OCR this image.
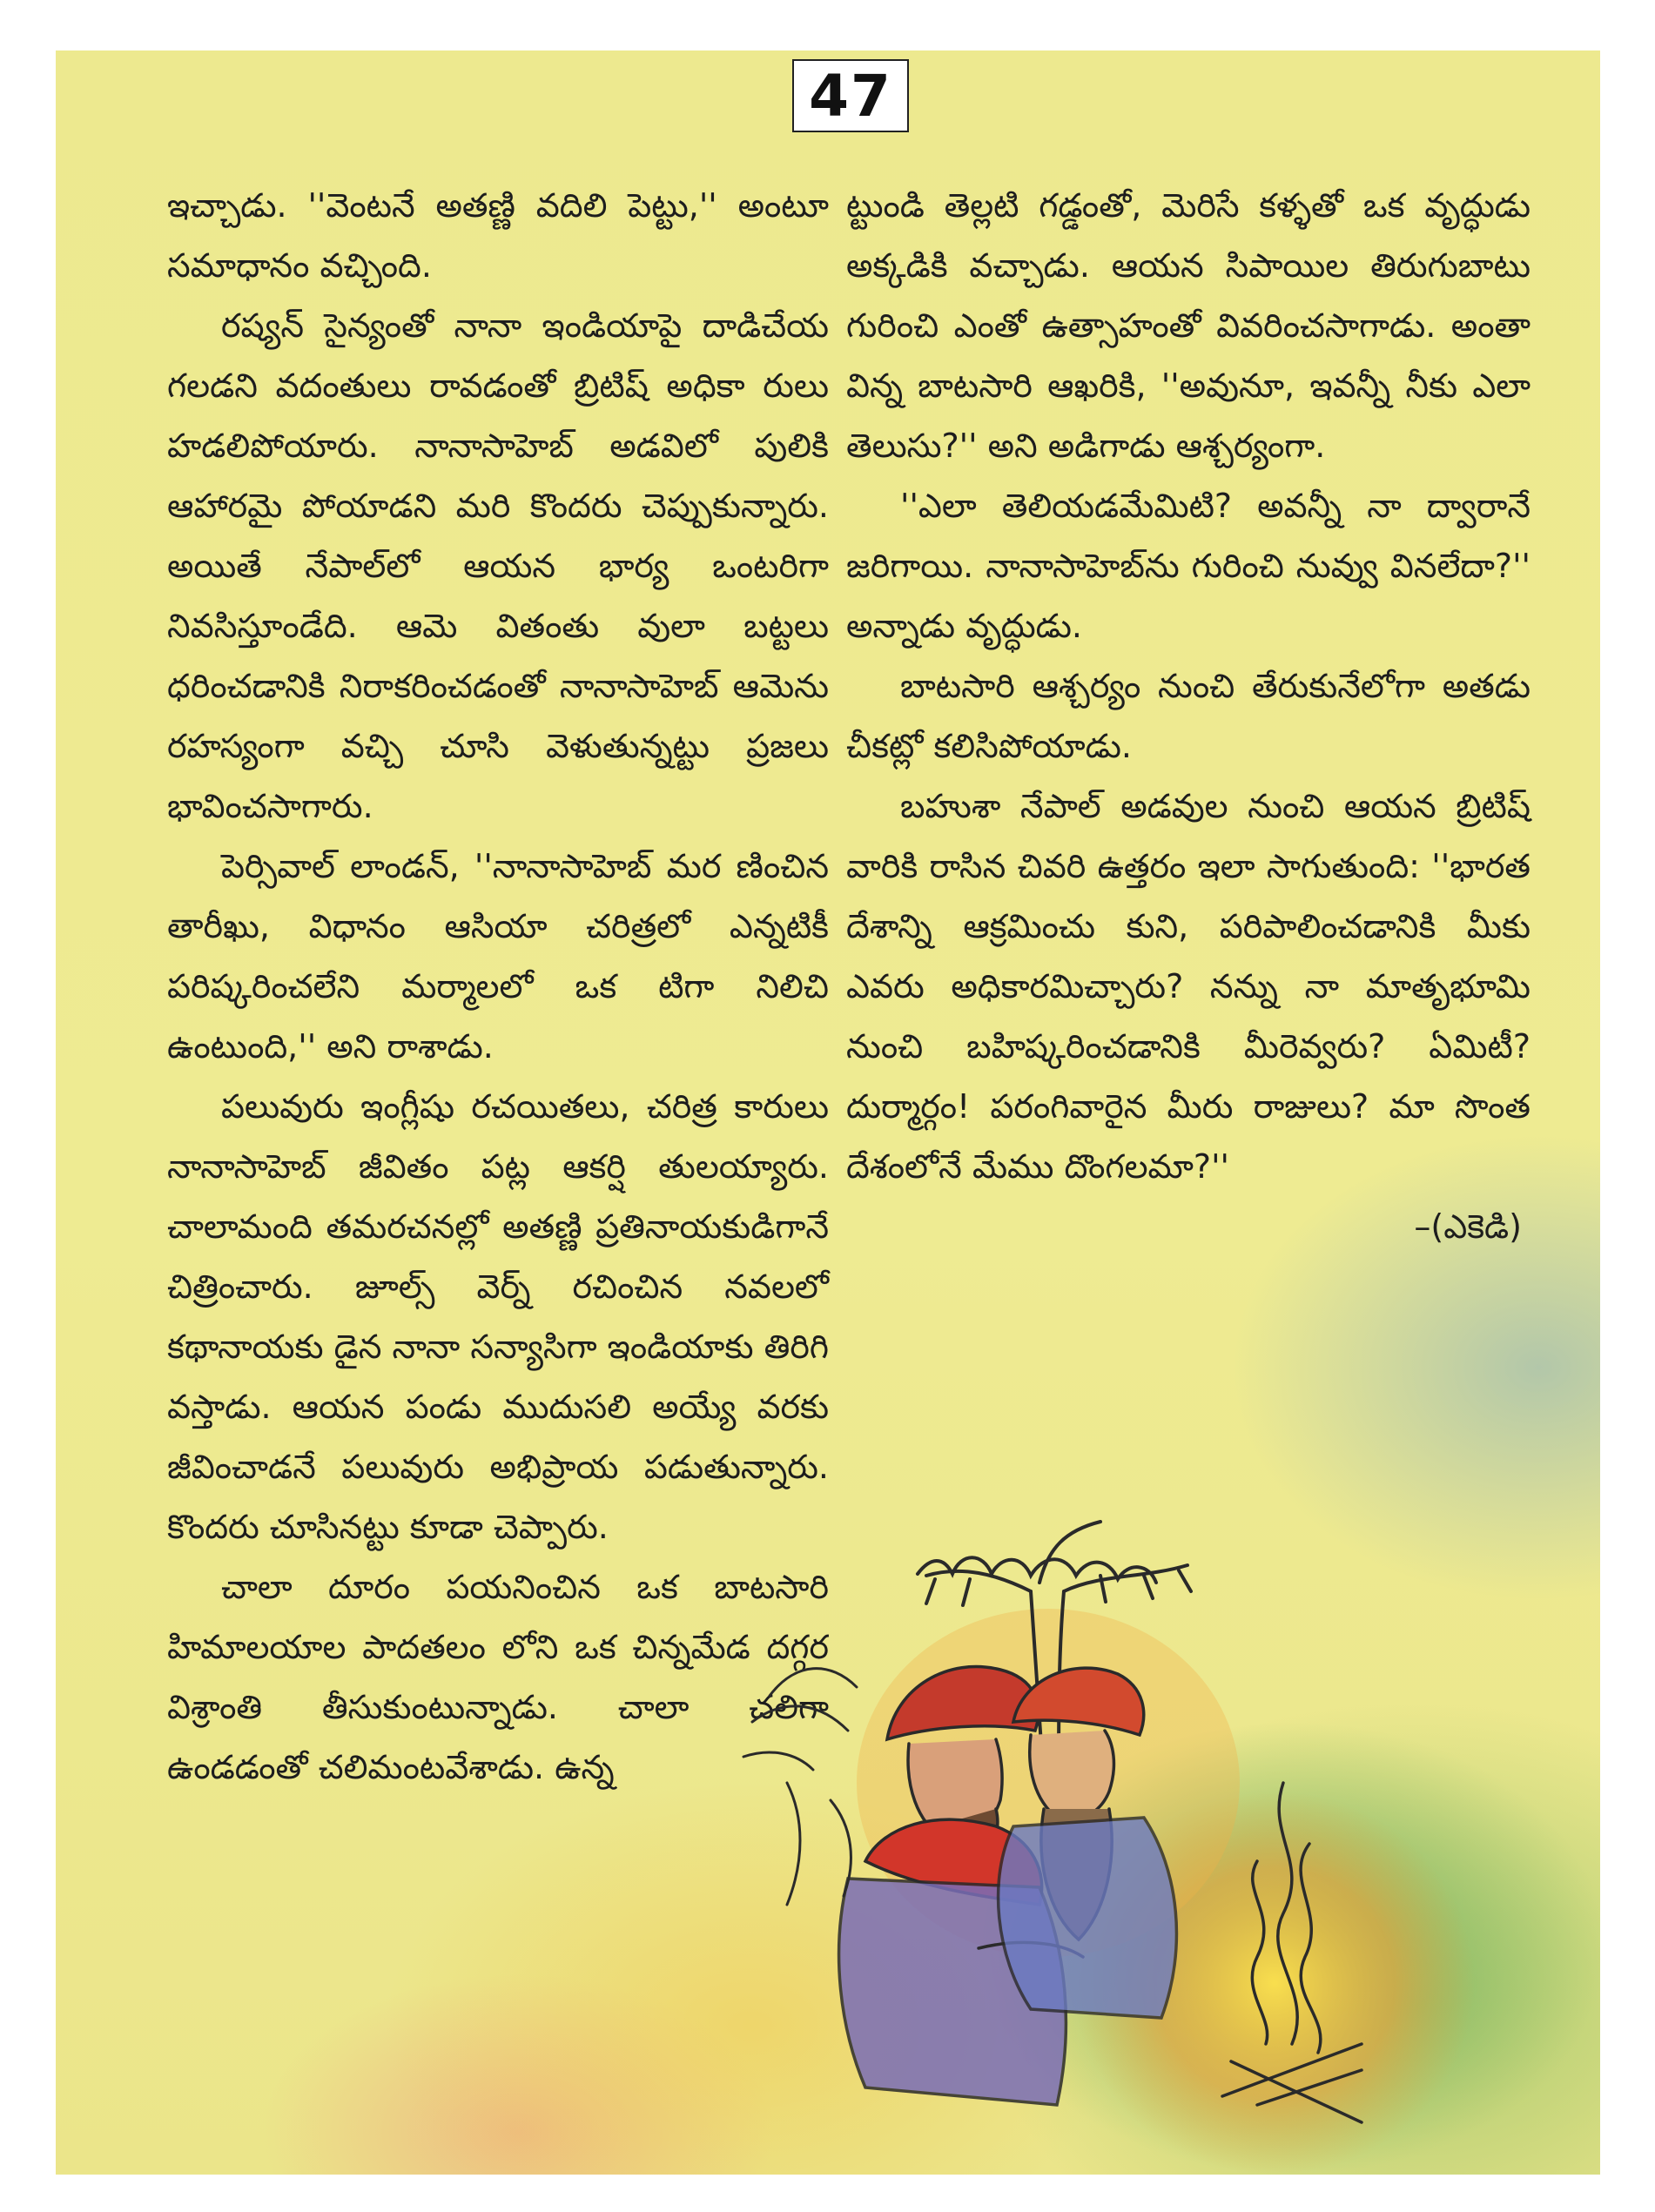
47

ఇచ్చాడు. ''వెంటనే అతణ్ణి వదిలి పెట్టు,'' అంటూ సమాధానం వచ్చింది.

రష్యన్ సైన్యంతో నానా ఇండియాపై దాడిచేయ గలడని వదంతులు రావడంతో బ్రిటిష్ అధికా రులు హడలిపోయారు. నానాసాహెబ్ అడవిలో పులికి ఆహారమై పోయాడని మరి కొందరు చెప్పుకున్నారు. అయితే నేపాల్‌లో ఆయన భార్య ఒంటరిగా నివసిస్తూండేది. ఆమె వితంతు వులా బట్టలు ధరించడానికి నిరాకరించడంతో నానాసాహెబ్ ఆమెను రహస్యంగా వచ్చి చూసి వెళుతున్నట్టు ప్రజలు భావించసాగారు.

పెర్సివాల్ లాండన్, ''నానాసాహెబ్ మర ణించిన తారీఖు, విధానం ఆసియా చరిత్రలో ఎన్నటికీ పరిష్కరించలేని మర్మాలలో ఒక టిగా నిలిచి ఉంటుంది,'' అని రాశాడు.

పలువురు ఇంగ్లీషు రచయితలు, చరిత్ర కారులు నానాసాహెబ్ జీవితం పట్ల ఆకర్షి తులయ్యారు. చాలామంది తమరచనల్లో అతణ్ణి ప్రతినాయకుడిగానే చిత్రించారు. జూల్స్ వెర్న్ రచించిన నవలలో కథానాయకు డైన నానా సన్యాసిగా ఇండియాకు తిరిగి వస్తాడు. ఆయన పండు ముదుసలి అయ్యే వరకు జీవించాడనే పలువురు అభిప్రాయ పడుతున్నారు. కొందరు చూసినట్టు కూడా చెప్పారు.

చాలా దూరం పయనించిన ఒక బాటసారి హిమాలయాల పాదతలం లోని ఒక చిన్నమేడ దగ్గర విశ్రాంతి తీసుకుంటున్నాడు. చాలా చలిగా ఉండడంతో చలిమంటవేశాడు. ఉన్న

ట్టుండి తెల్లటి గడ్డంతో, మెరిసే కళ్ళతో ఒక వృద్ధుడు అక్కడికి వచ్చాడు. ఆయన సిపాయిల తిరుగుబాటు గురించి ఎంతో ఉత్సాహంతో వివరించసాగాడు. అంతా విన్న బాటసారి ఆఖరికి, ''అవునూ, ఇవన్నీ నీకు ఎలా తెలుసు?'' అని అడిగాడు ఆశ్చర్యంగా.

''ఎలా తెలియడమేమిటి? అవన్నీ నా ద్వారానే జరిగాయి. నానాసాహెబ్‌ను గురించి నువ్వు వినలేదా?'' అన్నాడు వృద్ధుడు.

బాటసారి ఆశ్చర్యం నుంచి తేరుకునేలోగా అతడు చీకట్లో కలిసిపోయాడు.

బహుశా నేపాల్ అడవుల నుంచి ఆయన బ్రిటిష్ వారికి రాసిన చివరి ఉత్తరం ఇలా సాగుతుంది: ''భారత దేశాన్ని ఆక్రమించు కుని, పరిపాలించడానికి మీకు ఎవరు అధికారమిచ్చారు? నన్ను నా మాతృభూమి నుంచి బహిష్కరించడానికి మీరెవ్వరు? ఏమిటీ? దుర్మార్గం! పరంగివారైన మీరు రాజులు? మా సొంత దేశంలోనే మేము దొంగలమా?''

–(ఎకెడి)
